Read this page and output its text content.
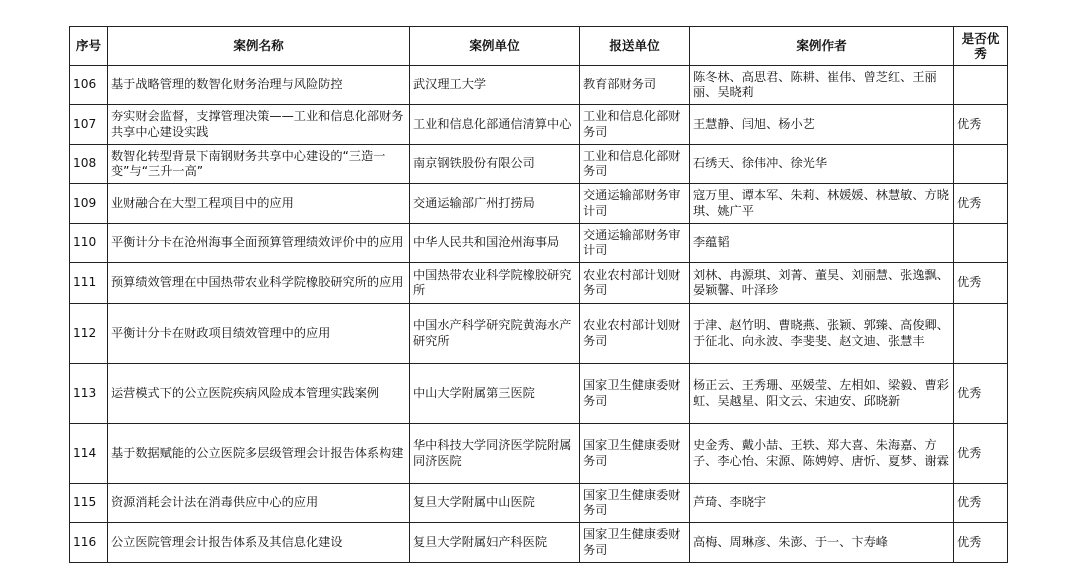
序号	案例名称	案例单位	报送单位	案例作者	是否优秀
106	基于战略管理的数智化财务治理与风险防控	武汉理工大学	教育部财务司	陈冬林、高思君、陈耕、崔伟、曾芝红、王丽丽、吴晓莉	
107	夯实财会监督，支撑管理决策——工业和信息化部财务共享中心建设实践	工业和信息化部通信清算中心	工业和信息化部财务司	王慧静、闫旭、杨小艺	优秀
108	数智化转型背景下南钢财务共享中心建设的“三造一变”与“三升一高”	南京钢铁股份有限公司	工业和信息化部财务司	石绣天、徐伟冲、徐光华	
109	业财融合在大型工程项目中的应用	交通运输部广州打捞局	交通运输部财务审计司	寇万里、谭本军、朱莉、林媛媛、林慧敏、方晓琪、姚广平	优秀
110	平衡计分卡在沧州海事全面预算管理绩效评价中的应用	中华人民共和国沧州海事局	交通运输部财务审计司	李蕴韬	
111	预算绩效管理在中国热带农业科学院橡胶研究所的应用	中国热带农业科学院橡胶研究所	农业农村部计划财务司	刘林、冉源琪、刘菁、董昊、刘丽慧、张逸飘、晏颖馨、叶泽珍	优秀
112	平衡计分卡在财政项目绩效管理中的应用	中国水产科学研究院黄海水产研究所	农业农村部计划财务司	于津、赵竹明、曹晓燕、张颖、郭臻、高俊卿、于征北、向永波、李斐斐、赵文迪、张慧丰	
113	运营模式下的公立医院疾病风险成本管理实践案例	中山大学附属第三医院	国家卫生健康委财务司	杨正云、王秀珊、巫媛莹、左相如、梁毅、曹彩虹、吴越星、阳文云、宋迪安、邱晓新	优秀
114	基于数据赋能的公立医院多层级管理会计报告体系构建	华中科技大学同济医学院附属同济医院	国家卫生健康委财务司	史金秀、戴小喆、王轶、郑大喜、朱海嘉、方子、李心怡、宋源、陈娉婷、唐忻、夏梦、谢霖	优秀
115	资源消耗会计法在消毒供应中心的应用	复旦大学附属中山医院	国家卫生健康委财务司	芦琦、李晓宇	优秀
116	公立医院管理会计报告体系及其信息化建设	复旦大学附属妇产科医院	国家卫生健康委财务司	高梅、周琳彦、朱澎、于一、卞寿峰	优秀
